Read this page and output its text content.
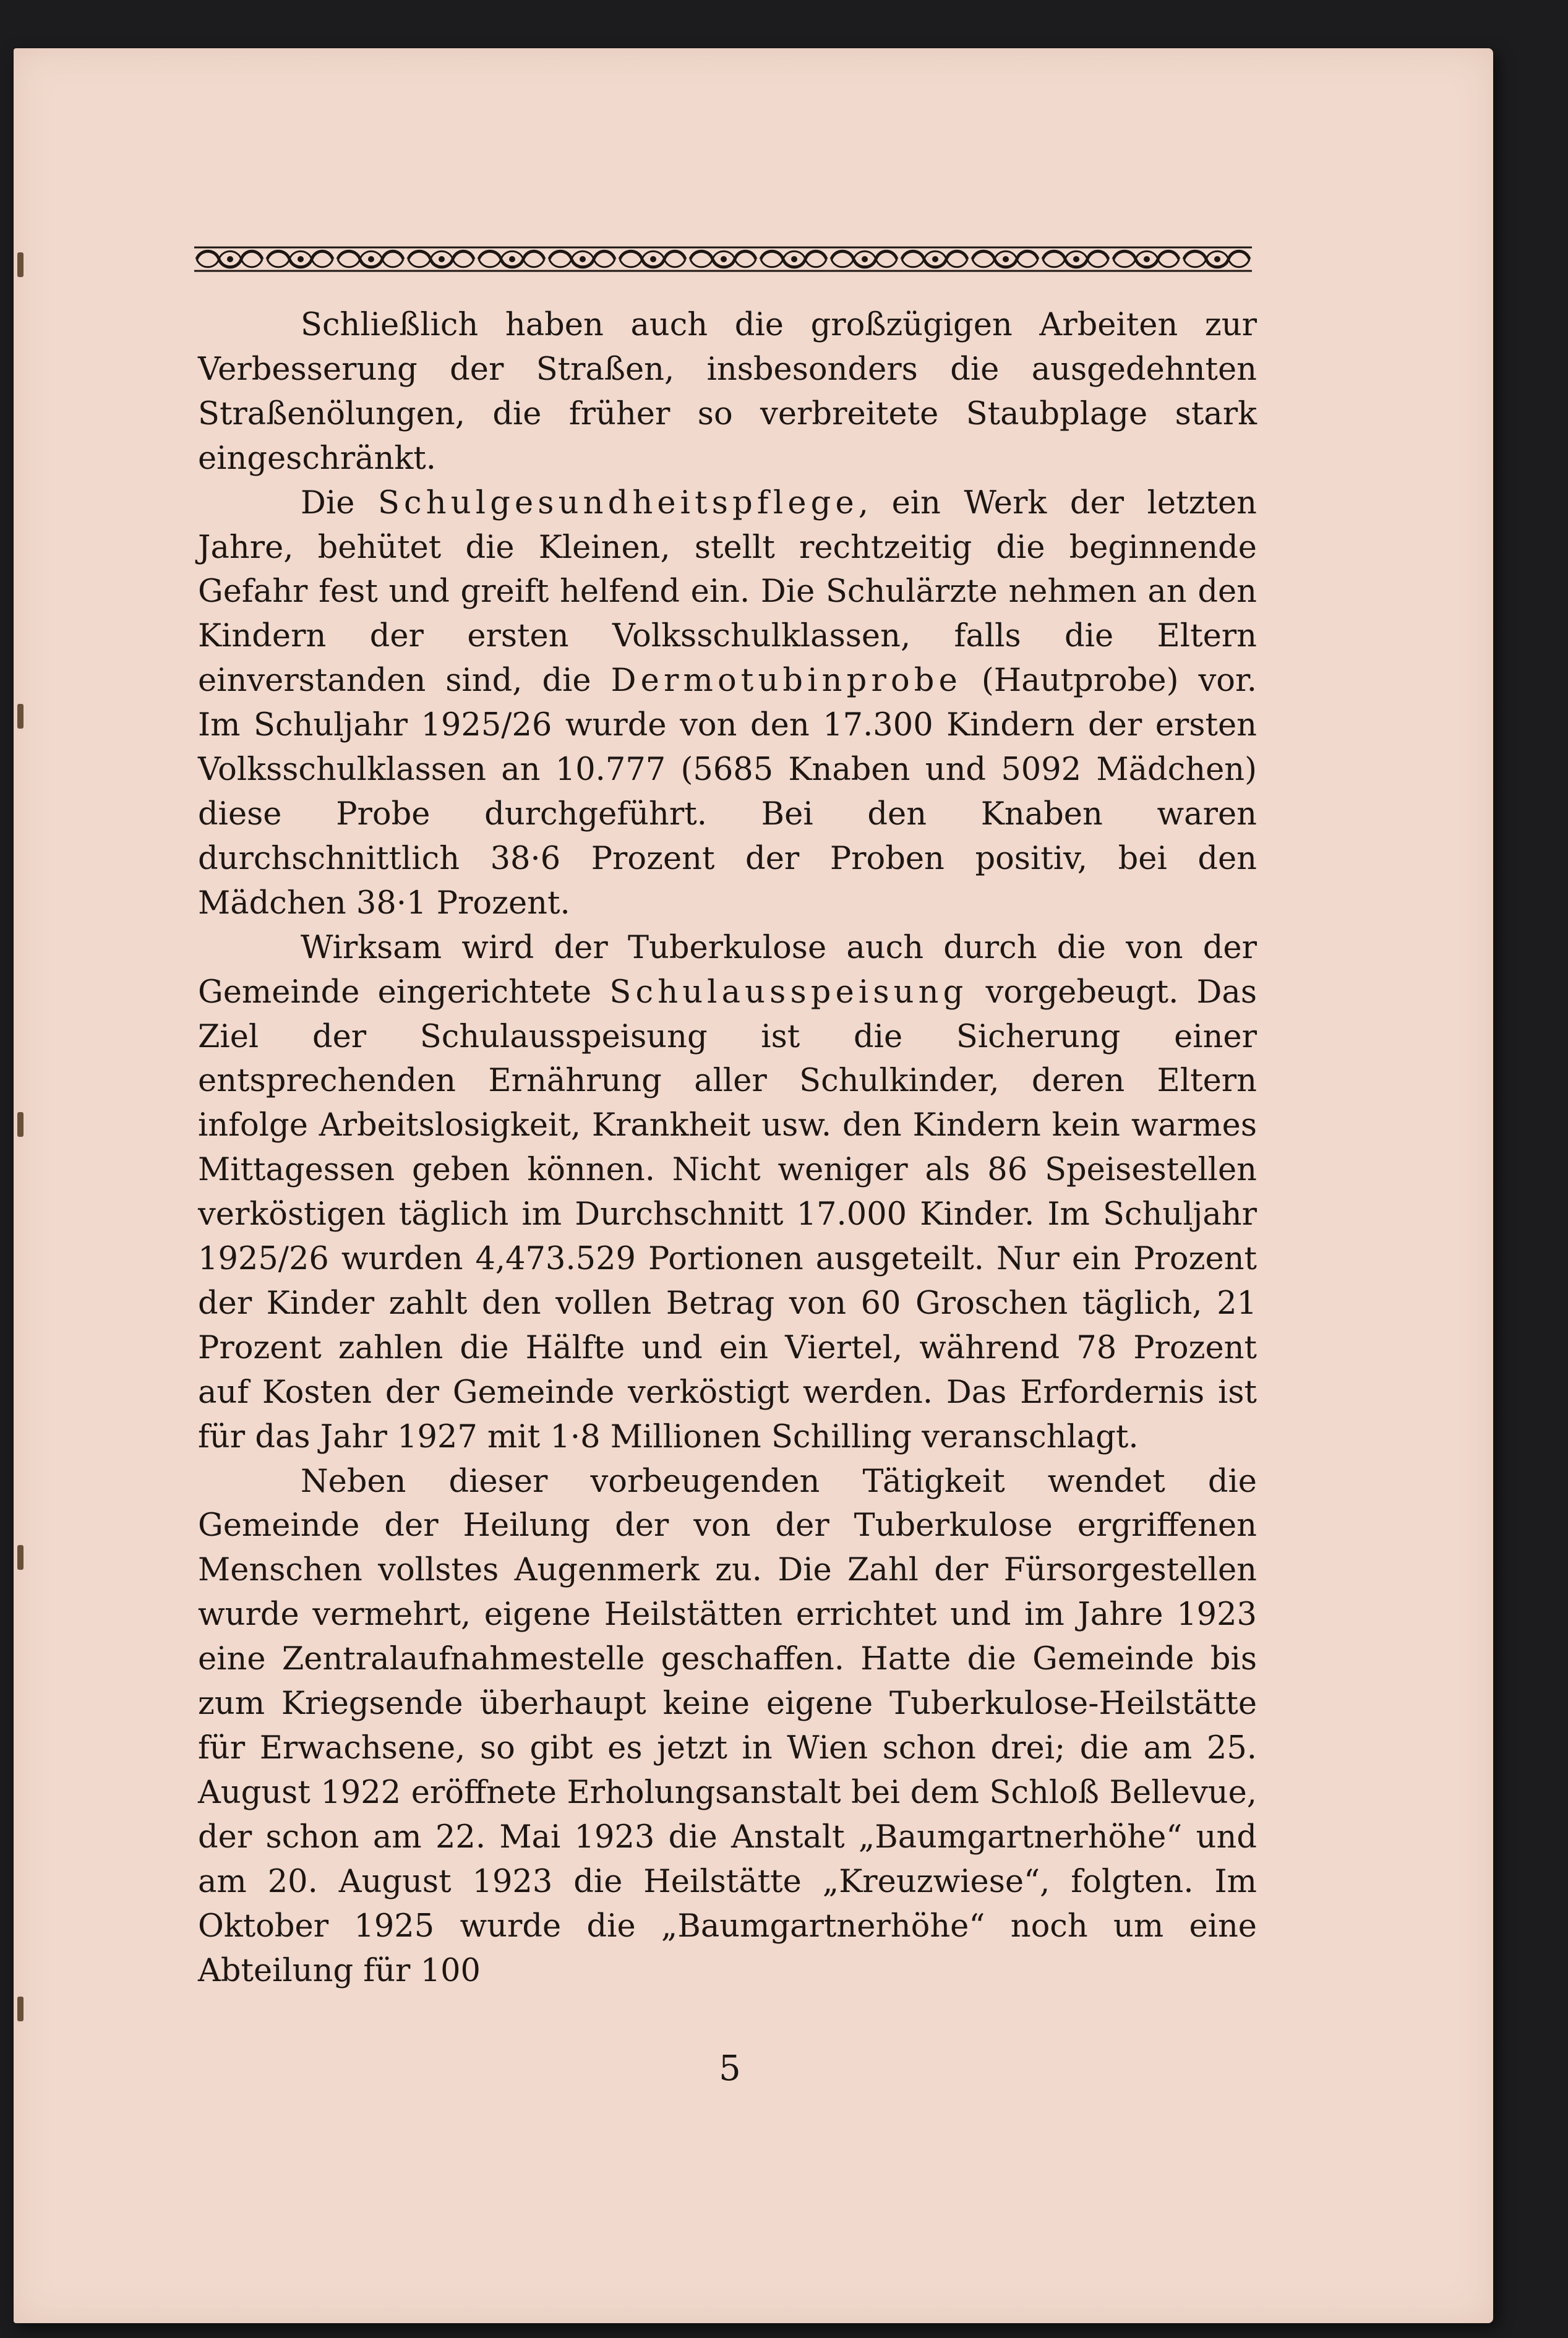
Schließlich haben auch die großzügigen Arbeiten zur Verbesserung der Straßen, insbesonders die ausgedehnten Straßenölungen, die früher so verbreitete Staubplage stark eingeschränkt.

Die Schulgesundheitspflege, ein Werk der letzten Jahre, behütet die Kleinen, stellt rechtzeitig die beginnende Gefahr fest und greift helfend ein. Die Schulärzte nehmen an den Kindern der ersten Volksschulklassen, falls die Eltern einverstanden sind, die Dermotubinprobe (Hautprobe) vor. Im Schuljahr 1925/26 wurde von den 17.300 Kindern der ersten Volksschulklassen an 10.777 (5685 Knaben und 5092 Mädchen) diese Probe durchgeführt. Bei den Knaben waren durchschnittlich 38·6 Prozent der Proben positiv, bei den Mädchen 38·1 Prozent.

Wirksam wird der Tuberkulose auch durch die von der Gemeinde eingerichtete Schulausspeisung vorgebeugt. Das Ziel der Schulausspeisung ist die Sicherung einer entsprechenden Ernährung aller Schulkinder, deren Eltern infolge Arbeitslosigkeit, Krankheit usw. den Kindern kein warmes Mittagessen geben können. Nicht weniger als 86 Speisestellen verköstigen täglich im Durchschnitt 17.000 Kinder. Im Schuljahr 1925/26 wurden 4,473.529 Portionen ausgeteilt. Nur ein Prozent der Kinder zahlt den vollen Betrag von 60 Groschen täglich, 21 Prozent zahlen die Hälfte und ein Viertel, während 78 Prozent auf Kosten der Gemeinde verköstigt werden. Das Erfordernis ist für das Jahr 1927 mit 1·8 Millionen Schilling veranschlagt.

Neben dieser vorbeugenden Tätigkeit wendet die Gemeinde der Heilung der von der Tuberkulose ergriffenen Menschen vollstes Augenmerk zu. Die Zahl der Fürsorgestellen wurde vermehrt, eigene Heilstätten errichtet und im Jahre 1923 eine Zentralaufnahmestelle geschaffen. Hatte die Gemeinde bis zum Kriegsende überhaupt keine eigene Tuberkulose-Heilstätte für Erwachsene, so gibt es jetzt in Wien schon drei; die am 25. August 1922 eröffnete Erholungsanstalt bei dem Schloß Bellevue, der schon am 22. Mai 1923 die Anstalt „Baumgartnerhöhe“ und am 20. August 1923 die Heilstätte „Kreuzwiese“, folgten. Im Oktober 1925 wurde die „Baumgartnerhöhe“ noch um eine Abteilung für 100

5
